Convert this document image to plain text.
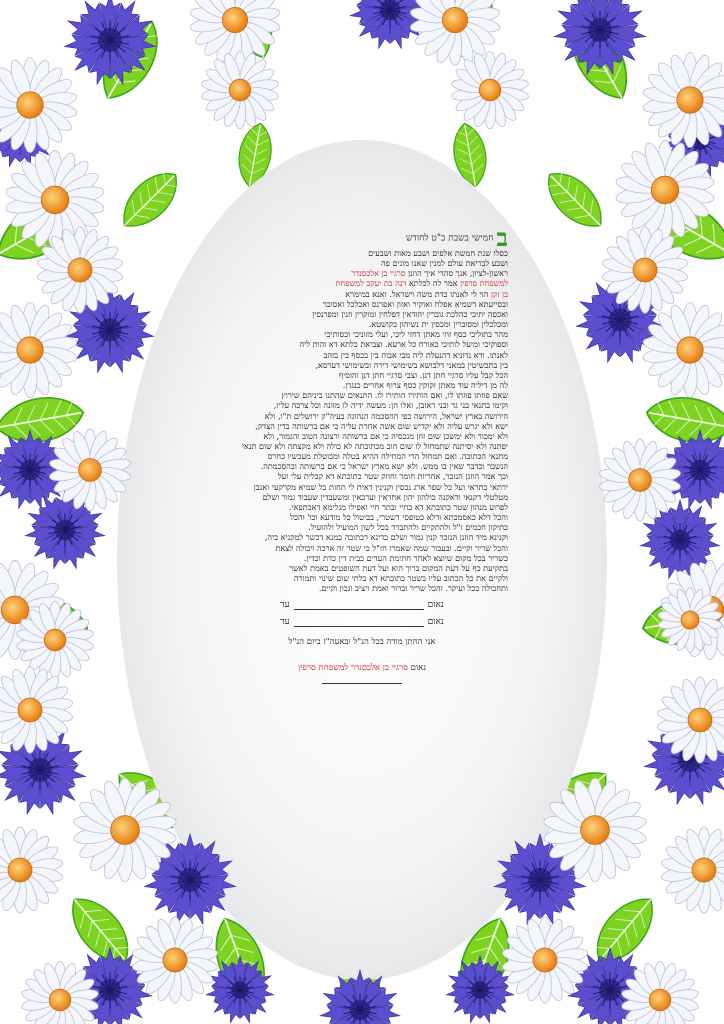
בחמישי בשבת כ"ט לחודש
כסלו שנת חמשת אלפים ושבע מאות ושבעים
ושבע לבריאת עולם למנין שאנו מונים פה
ראשון-לציון, אנך סהדי איך הוזנן סרגיי בן אלכסנדר
למשפחת סרפין אמר לה לכלתא דנה בת יעקב למשפחת
בן זקן הוי לי לאנתו כדת משה וישראל. ואנא במימרא
ובסייעתא דשמיא אפלח ואוקיר ואזון ואפרנס ואכלכל ואסובר
ואכסה יתיכי כהלכת גוברין יהודאין דפלחין ומוקרין וזנין ומפרנסין
ומכלכלין ומסוברין ומכסין ית נשיהון בקושטא.
מהר בתוליכי כסף זוזי מאתן דחזי ליכי, ועלי מזוניכי וכסותיכי
וספוקיכי ומיעל לותיכי כאורח כל ארעא. וצביאת כלתא דא והות ליה
לאנתו. ודא נדוניא דהנעלת ליה מבי אבוה בין בכסף בין בזהב
בין בתכשיטין במאני דלבושא בשימושי דירה ובשימושי דערסא,
הכל קבל עליו סרגיי חתן דנן. וצבי סרגיי חתן דנן והוסיף
לה מן דיליה עוד מאתן זקוקין כסף צרוף אחרים כנגדן.
שאם פוזתו פוזתו לו, ואם הותירו הותירו לו. התנאים שהתנו ביניהם שירוץ
וקימו בתנאי בני גד ובני ראובן, ואלו הן: מעשה ידיה לו מזונה וכל צרכה עליו,
הירושה בארץ ישראל, הירושה כפי ההסכמה הנהוגה בעיה"ק ירושלים ת"ו, ולא
ישא ולא יגרש עליה ולא יקדיש שום אשה אחרת עליה כי אם ברשותה בדין הצדק,
ולא ימכור ולא ימשכן שום זוזן מנכסיה כי אם ברשותה ורצונה הטוב והגמור, ולא
יפתנה ולא יסיתנה שתמחול לו שום חוב מכתובתה לא כולה ולא מקצתה ולא שום תנאי
מתנאי הכתובה. ואם תמחול הרי המחילה ההיא בטלה ומבוטלת מעכשיו כחרס
הנשבר וכדבר שאין בו ממש. ולא ישא מארץ ישראל כי אם ברשותה ובהסכמתה.
וכך אמר הוזנן הנזכר, אחריות חומר וחוזק שטר כתובתא דא קבלית עלי ועל
ירתאי בתראי ועל כל שפר ארג נכסין וקנינין דאית לי תחות כל שמיא מקרקעי ואגבן
מטלטלי דקנאי ודאקנה כולהון יהון אחראין וערבאין ומשעבדין שעבוד גמור ושלם
לפרוע מנהון שטר כתובתא דא בחיי ובתר חיי ואפילו מגלימא דאכתפאי.
והכל דלא כאסמכתא ודלא כטופסי דשטרי, בביטול כל מודעא וכו' והכל
כתיקון חכמים ז"ל ולהתקיים ולהתברר בכל לשון המועיל ולהועיל.
וקנינא מיד הוזנן הנזכר קנין גמור ושלם כדינא דכתובה במנא דכשר למקניא ביה,
והכל שריר וקיים. ובעבור שמה שאמרו חז"ל כי שטר זה ארכה ויכולה לצאת
כשריר בכל מקום שיוצא לאחר חתימת העדים בבית דין כדת וכדין.
בתקיעת כף על דעת המקום ברוך הוא ועל דעת השופטים באמת לאשר
ולקיים את כל הכתוב עליו בשטר כתובתא דא בלתי שום שינוי ותמורה
ותחבולה ככל ועיקר. והכל שריר וברור ואמת ויציב ונכון וקיים.
נאום
עד
נאום
עד
אני החתן מודה בכל הנ"ל ובאעה"ז ביום הנ"ל
נאום סרגיי בן אלכסנדר למשפחת סרפין
